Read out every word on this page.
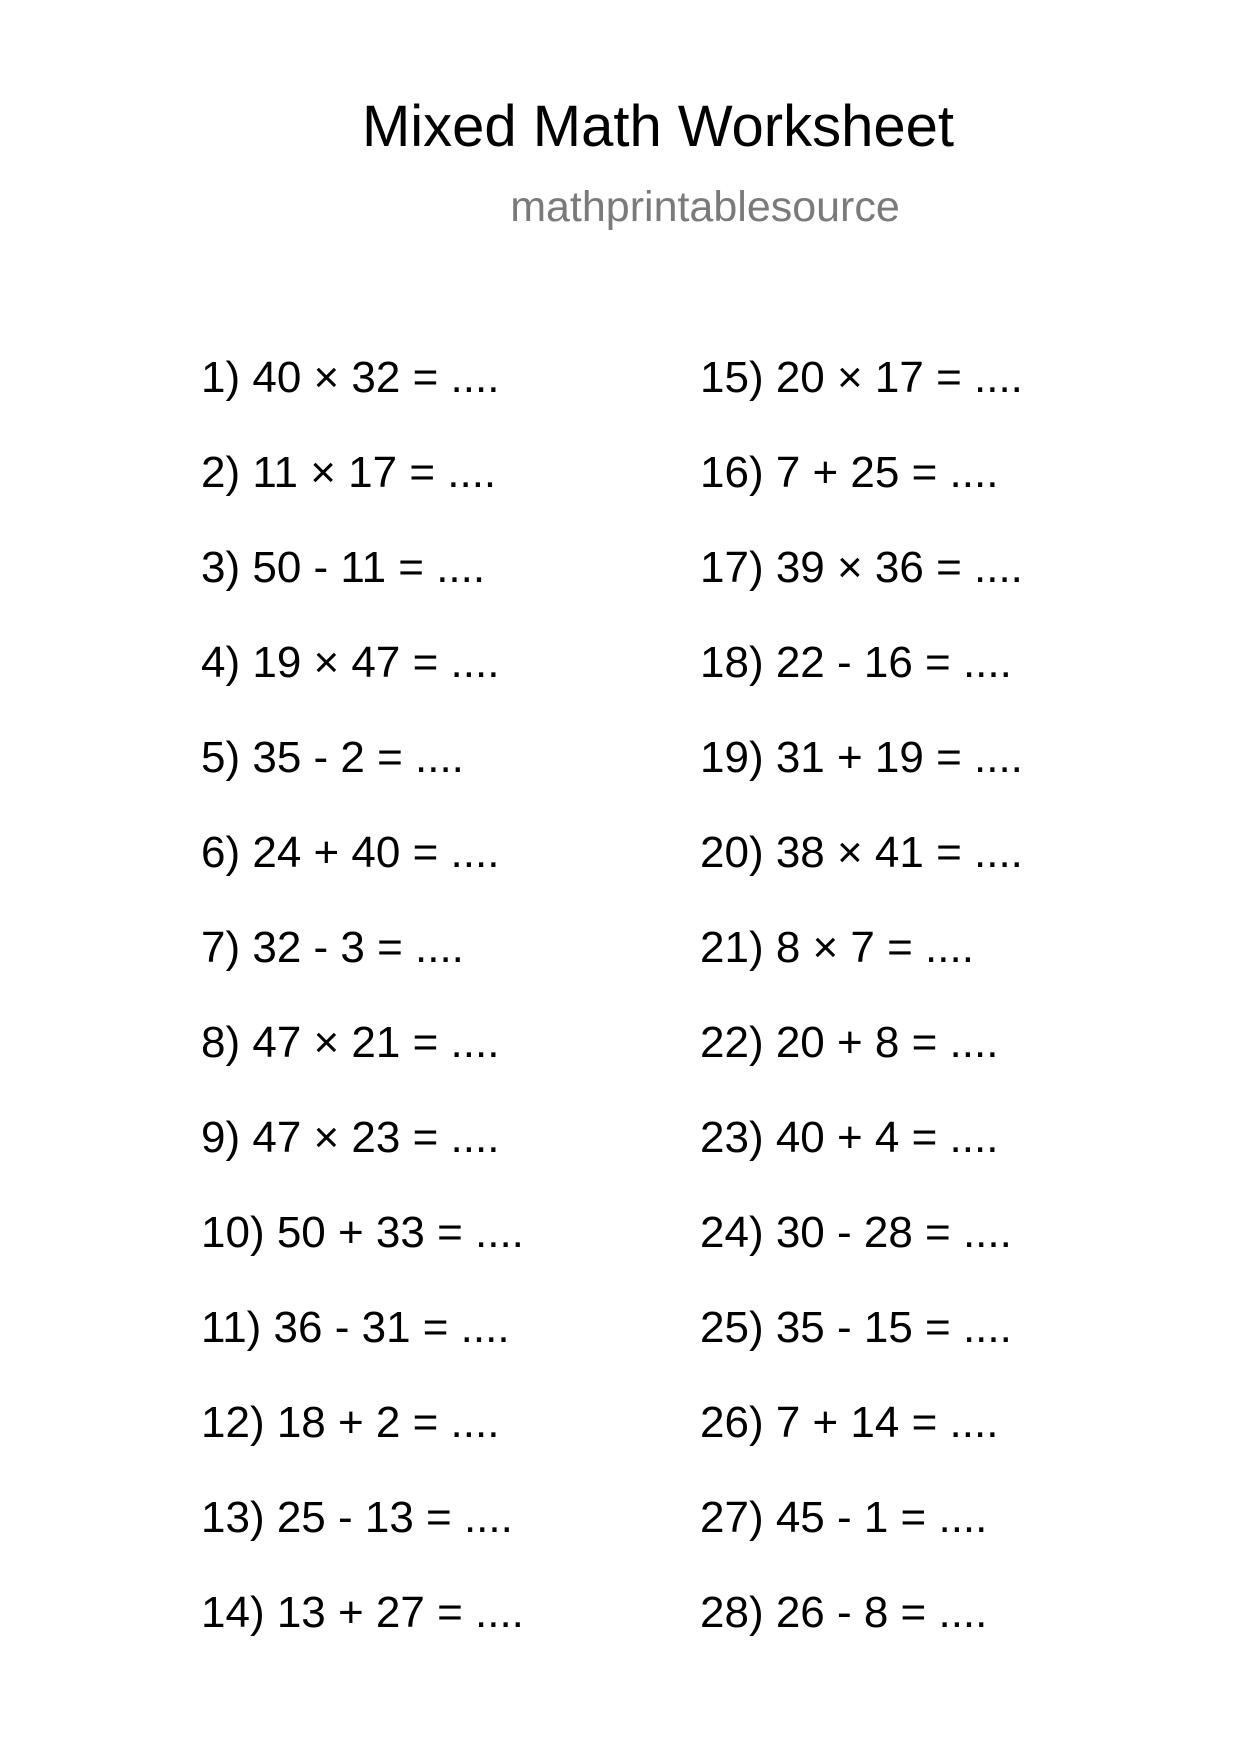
Mixed Math Worksheet

mathprintablesource

1) 40 × 32 = ....
2) 11 × 17 = ....
3) 50 - 11 = ....
4) 19 × 47 = ....
5) 35 - 2 = ....
6) 24 + 40 = ....
7) 32 - 3 = ....
8) 47 × 21 = ....
9) 47 × 23 = ....
10) 50 + 33 = ....
11) 36 - 31 = ....
12) 18 + 2 = ....
13) 25 - 13 = ....
14) 13 + 27 = ....
15) 20 × 17 = ....
16) 7 + 25 = ....
17) 39 × 36 = ....
18) 22 - 16 = ....
19) 31 + 19 = ....
20) 38 × 41 = ....
21) 8 × 7 = ....
22) 20 + 8 = ....
23) 40 + 4 = ....
24) 30 - 28 = ....
25) 35 - 15 = ....
26) 7 + 14 = ....
27) 45 - 1 = ....
28) 26 - 8 = ....
